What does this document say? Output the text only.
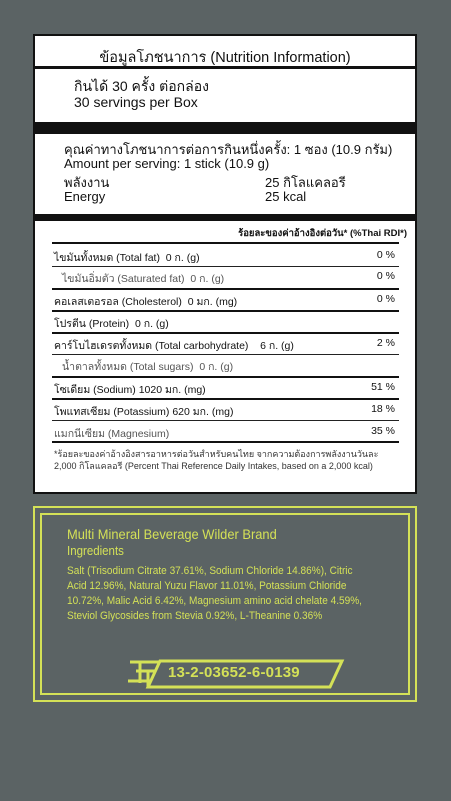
ข้อมูลโภชนาการ (Nutrition Information)
กินได้ 30 ครั้ง ต่อกล่อง
30 servings per Box
คุณค่าทางโภชนาการต่อการกินหนึ่งครั้ง: 1 ซอง (10.9 กรัม)
Amount per serving: 1 stick (10.9 g)
พลังงาน	25 กิโลแคลอรี
Energy	25 kcal
ร้อยละของค่าอ้างอิงต่อวัน* (%Thai RDI*)
ไขมันทั้งหมด (Total fat) 0 ก. (g)	0 %
ไขมันอิ่มตัว (Saturated fat) 0 ก. (g)	0 %
คอเลสเตอรอล (Cholesterol) 0 มก. (mg)	0 %
โปรตีน (Protein) 0 ก. (g)
คาร์โบไฮเดรตทั้งหมด (Total carbohydrate) 6 ก. (g)	2 %
น้ำตาลทั้งหมด (Total sugars) 0 ก. (g)
โซเดียม (Sodium) 1020 มก. (mg)	51 %
โพแทสเซียม (Potassium) 620 มก. (mg)	18 %
แมกนีเซียม (Magnesium)	35 %
*ร้อยละของค่าอ้างอิงสารอาหารต่อวันสำหรับคนไทย จากความต้องการพลังงานวันละ 2,000 กิโลแคลอรี (Percent Thai Reference Daily Intakes, based on a 2,000 kcal)
Multi Mineral Beverage Wilder Brand
Ingredients
Salt (Trisodium Citrate 37.61%, Sodium Chloride 14.86%), Citric Acid 12.96%, Natural Yuzu Flavor 11.01%, Potassium Chloride 10.72%, Malic Acid 6.42%, Magnesium amino acid chelate 4.59%, Steviol Glycosides from Stevia 0.92%, L-Theanine 0.36%
13-2-03652-6-0139
